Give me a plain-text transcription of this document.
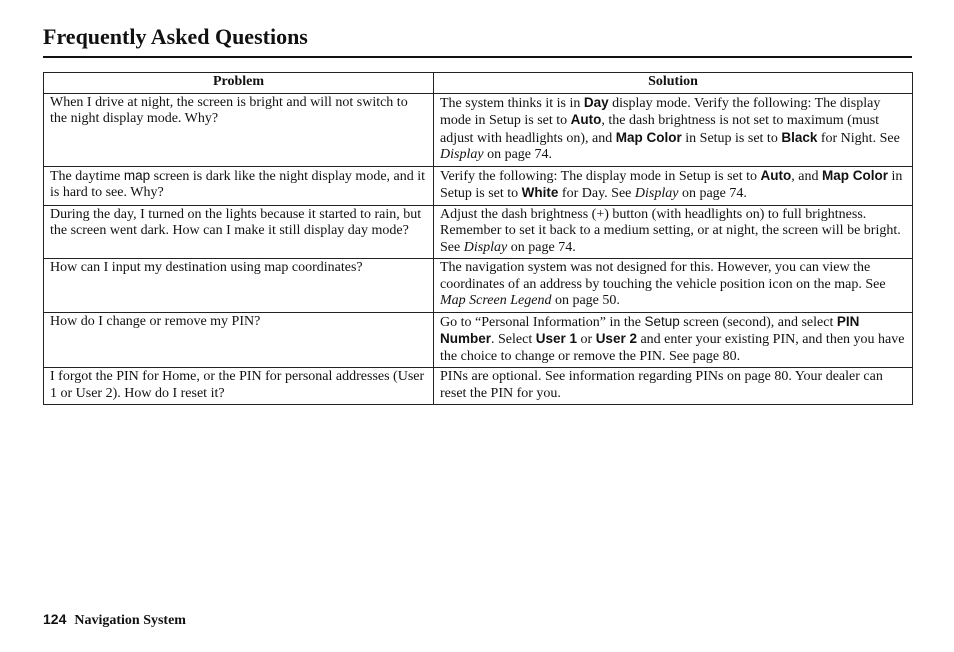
Frequently Asked Questions
Problem	Solution
When I drive at night, the screen is bright and will not switch to the night display mode. Why?	The system thinks it is in Day display mode. Verify the following: The display mode in Setup is set to Auto, the dash brightness is not set to maximum (must adjust with headlights on), and Map Color in Setup is set to Black for Night. See Display on page 74.
The daytime map screen is dark like the night display mode, and it is hard to see. Why?	Verify the following: The display mode in Setup is set to Auto, and Map Color in Setup is set to White for Day. See Display on page 74.
During the day, I turned on the lights because it started to rain, but the screen went dark. How can I make it still display day mode?	Adjust the dash brightness (+) button (with headlights on) to full brightness. Remember to set it back to a medium setting, or at night, the screen will be bright. See Display on page 74.
How can I input my destination using map coordinates?	The navigation system was not designed for this. However, you can view the coordinates of an address by touching the vehicle position icon on the map. See Map Screen Legend on page 50.
How do I change or remove my PIN?	Go to “Personal Information” in the Setup screen (second), and select PIN Number. Select User 1 or User 2 and enter your existing PIN, and then you have the choice to change or remove the PIN. See page 80.
I forgot the PIN for Home, or the PIN for personal addresses (User 1 or User 2). How do I reset it?	PINs are optional. See information regarding PINs on page 80. Your dealer can reset the PIN for you.
124 Navigation System
